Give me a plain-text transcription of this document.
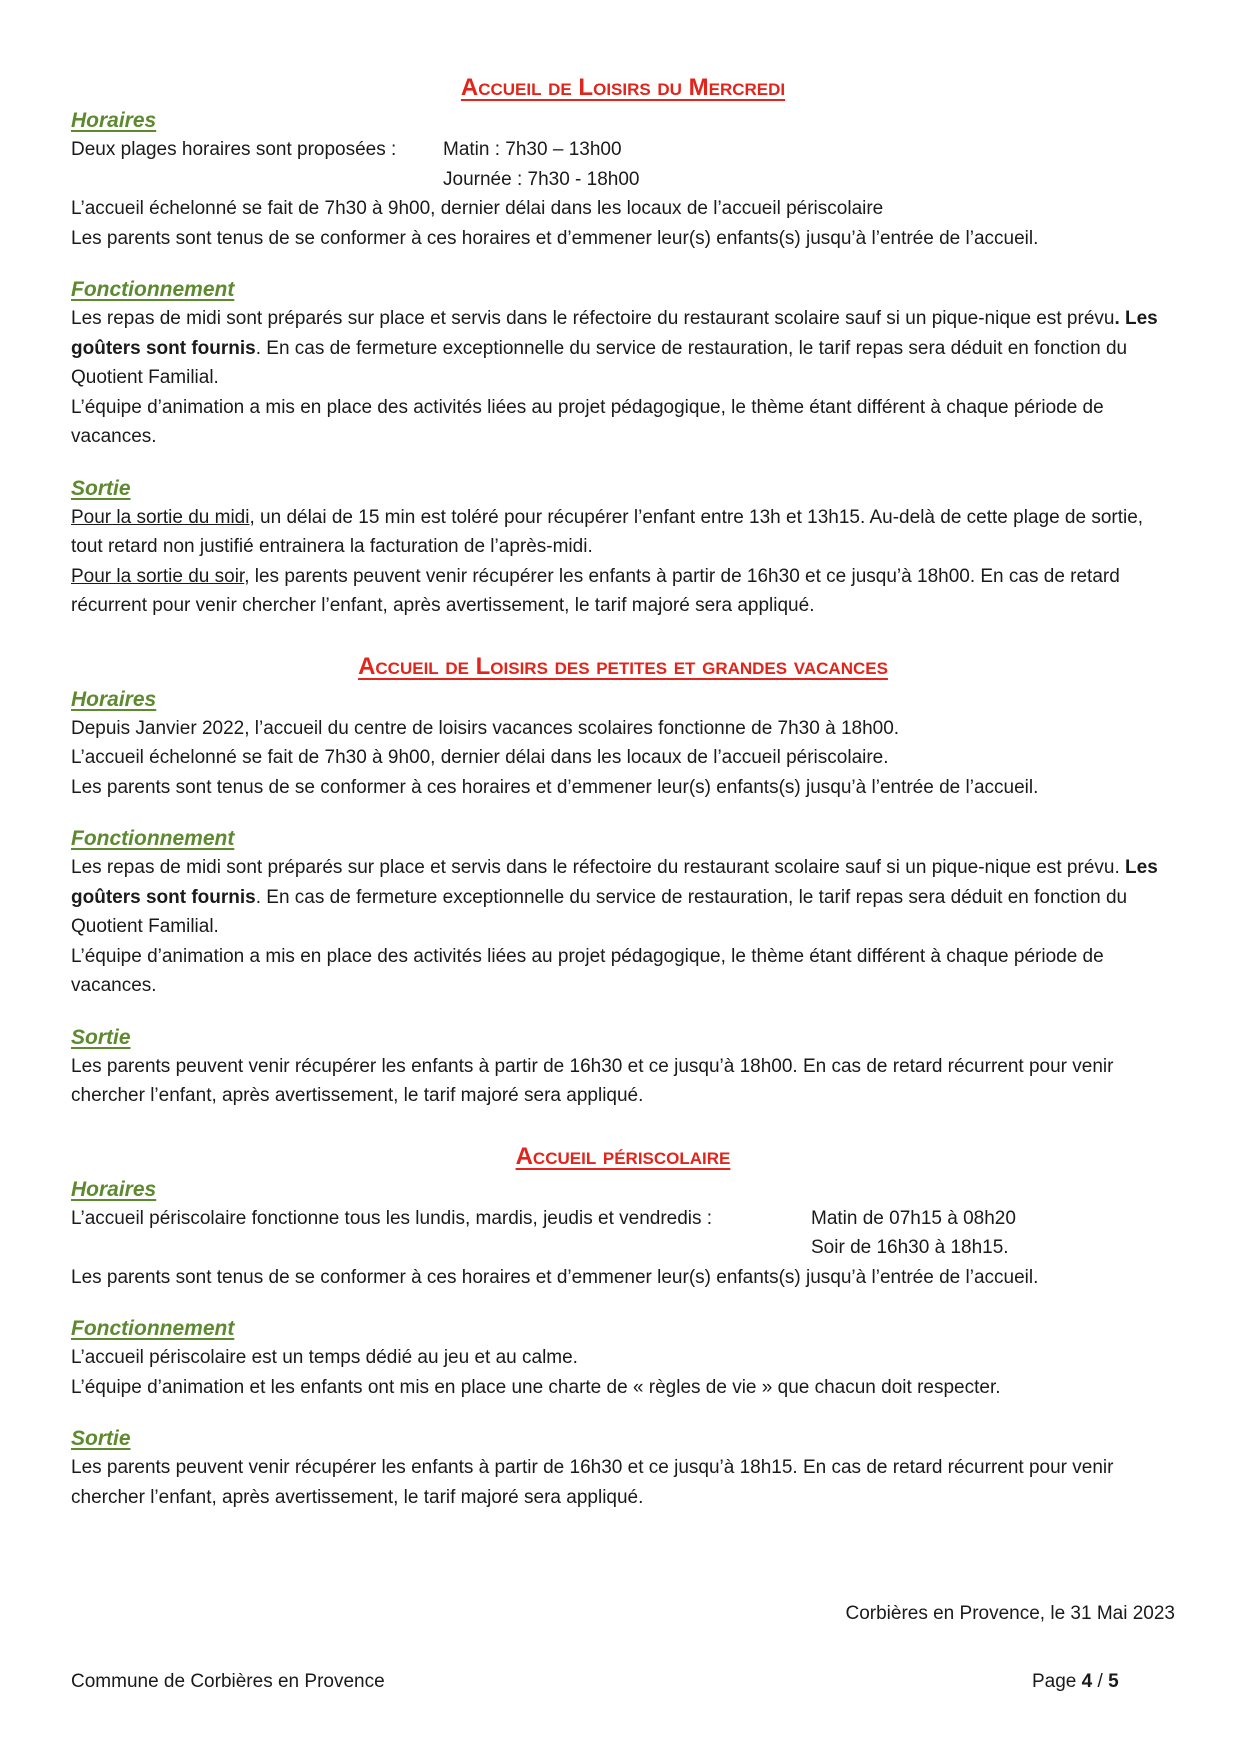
Accueil de Loisirs du Mercredi
Horaires
Deux plages horaires sont proposées :	Matin : 7h30 – 13h00
Journée : 7h30 - 18h00

L’accueil échelonné se fait de 7h30 à 9h00, dernier délai dans les locaux de l’accueil périscolaire

Les parents sont tenus de se conformer à ces horaires et d’emmener leur(s) enfants(s) jusqu’à l’entrée de l’accueil.

Fonctionnement

Les repas de midi sont préparés sur place et servis dans le réfectoire du restaurant scolaire sauf si un pique-nique est prévu. Les goûters sont fournis. En cas de fermeture exceptionnelle du service de restauration, le tarif repas sera déduit en fonction du Quotient Familial.

L’équipe d’animation a mis en place des activités liées au projet pédagogique, le thème étant différent à chaque période de vacances.

Sortie

Pour la sortie du midi, un délai de 15 min est toléré pour récupérer l’enfant entre 13h et 13h15. Au-delà de cette plage de sortie, tout retard non justifié entrainera la facturation de l’après-midi.

Pour la sortie du soir, les parents peuvent venir récupérer les enfants à partir de 16h30 et ce jusqu’à 18h00. En cas de retard récurrent pour venir chercher l’enfant, après avertissement, le tarif majoré sera appliqué.

Accueil de Loisirs des petites et grandes vacances
Horaires

Depuis Janvier 2022, l’accueil du centre de loisirs vacances scolaires fonctionne de 7h30 à 18h00.

L’accueil échelonné se fait de 7h30 à 9h00, dernier délai dans les locaux de l’accueil périscolaire.

Les parents sont tenus de se conformer à ces horaires et d’emmener leur(s) enfants(s) jusqu’à l’entrée de l’accueil.

Fonctionnement

Les repas de midi sont préparés sur place et servis dans le réfectoire du restaurant scolaire sauf si un pique-nique est prévu. Les goûters sont fournis. En cas de fermeture exceptionnelle du service de restauration, le tarif repas sera déduit en fonction du Quotient Familial.

L’équipe d’animation a mis en place des activités liées au projet pédagogique, le thème étant différent à chaque période de vacances.

Sortie

Les parents peuvent venir récupérer les enfants à partir de 16h30 et ce jusqu’à 18h00. En cas de retard récurrent pour venir chercher l’enfant, après avertissement, le tarif majoré sera appliqué.

Accueil périscolaire
Horaires
L’accueil périscolaire fonctionne tous les lundis, mardis, jeudis et vendredis :	Matin de 07h15 à 08h20
Soir de 16h30 à 18h15.

Les parents sont tenus de se conformer à ces horaires et d’emmener leur(s) enfants(s) jusqu’à l’entrée de l’accueil.

Fonctionnement

L’accueil périscolaire est un temps dédié au jeu et au calme.

L’équipe d’animation et les enfants ont mis en place une charte de « règles de vie » que chacun doit respecter.

Sortie

Les parents peuvent venir récupérer les enfants à partir de 16h30 et ce jusqu’à 18h15. En cas de retard récurrent pour venir chercher l’enfant, après avertissement, le tarif majoré sera appliqué.

Corbières en Provence, le 31 Mai 2023
Commune de Corbières en Provence	Page 4 / 5
